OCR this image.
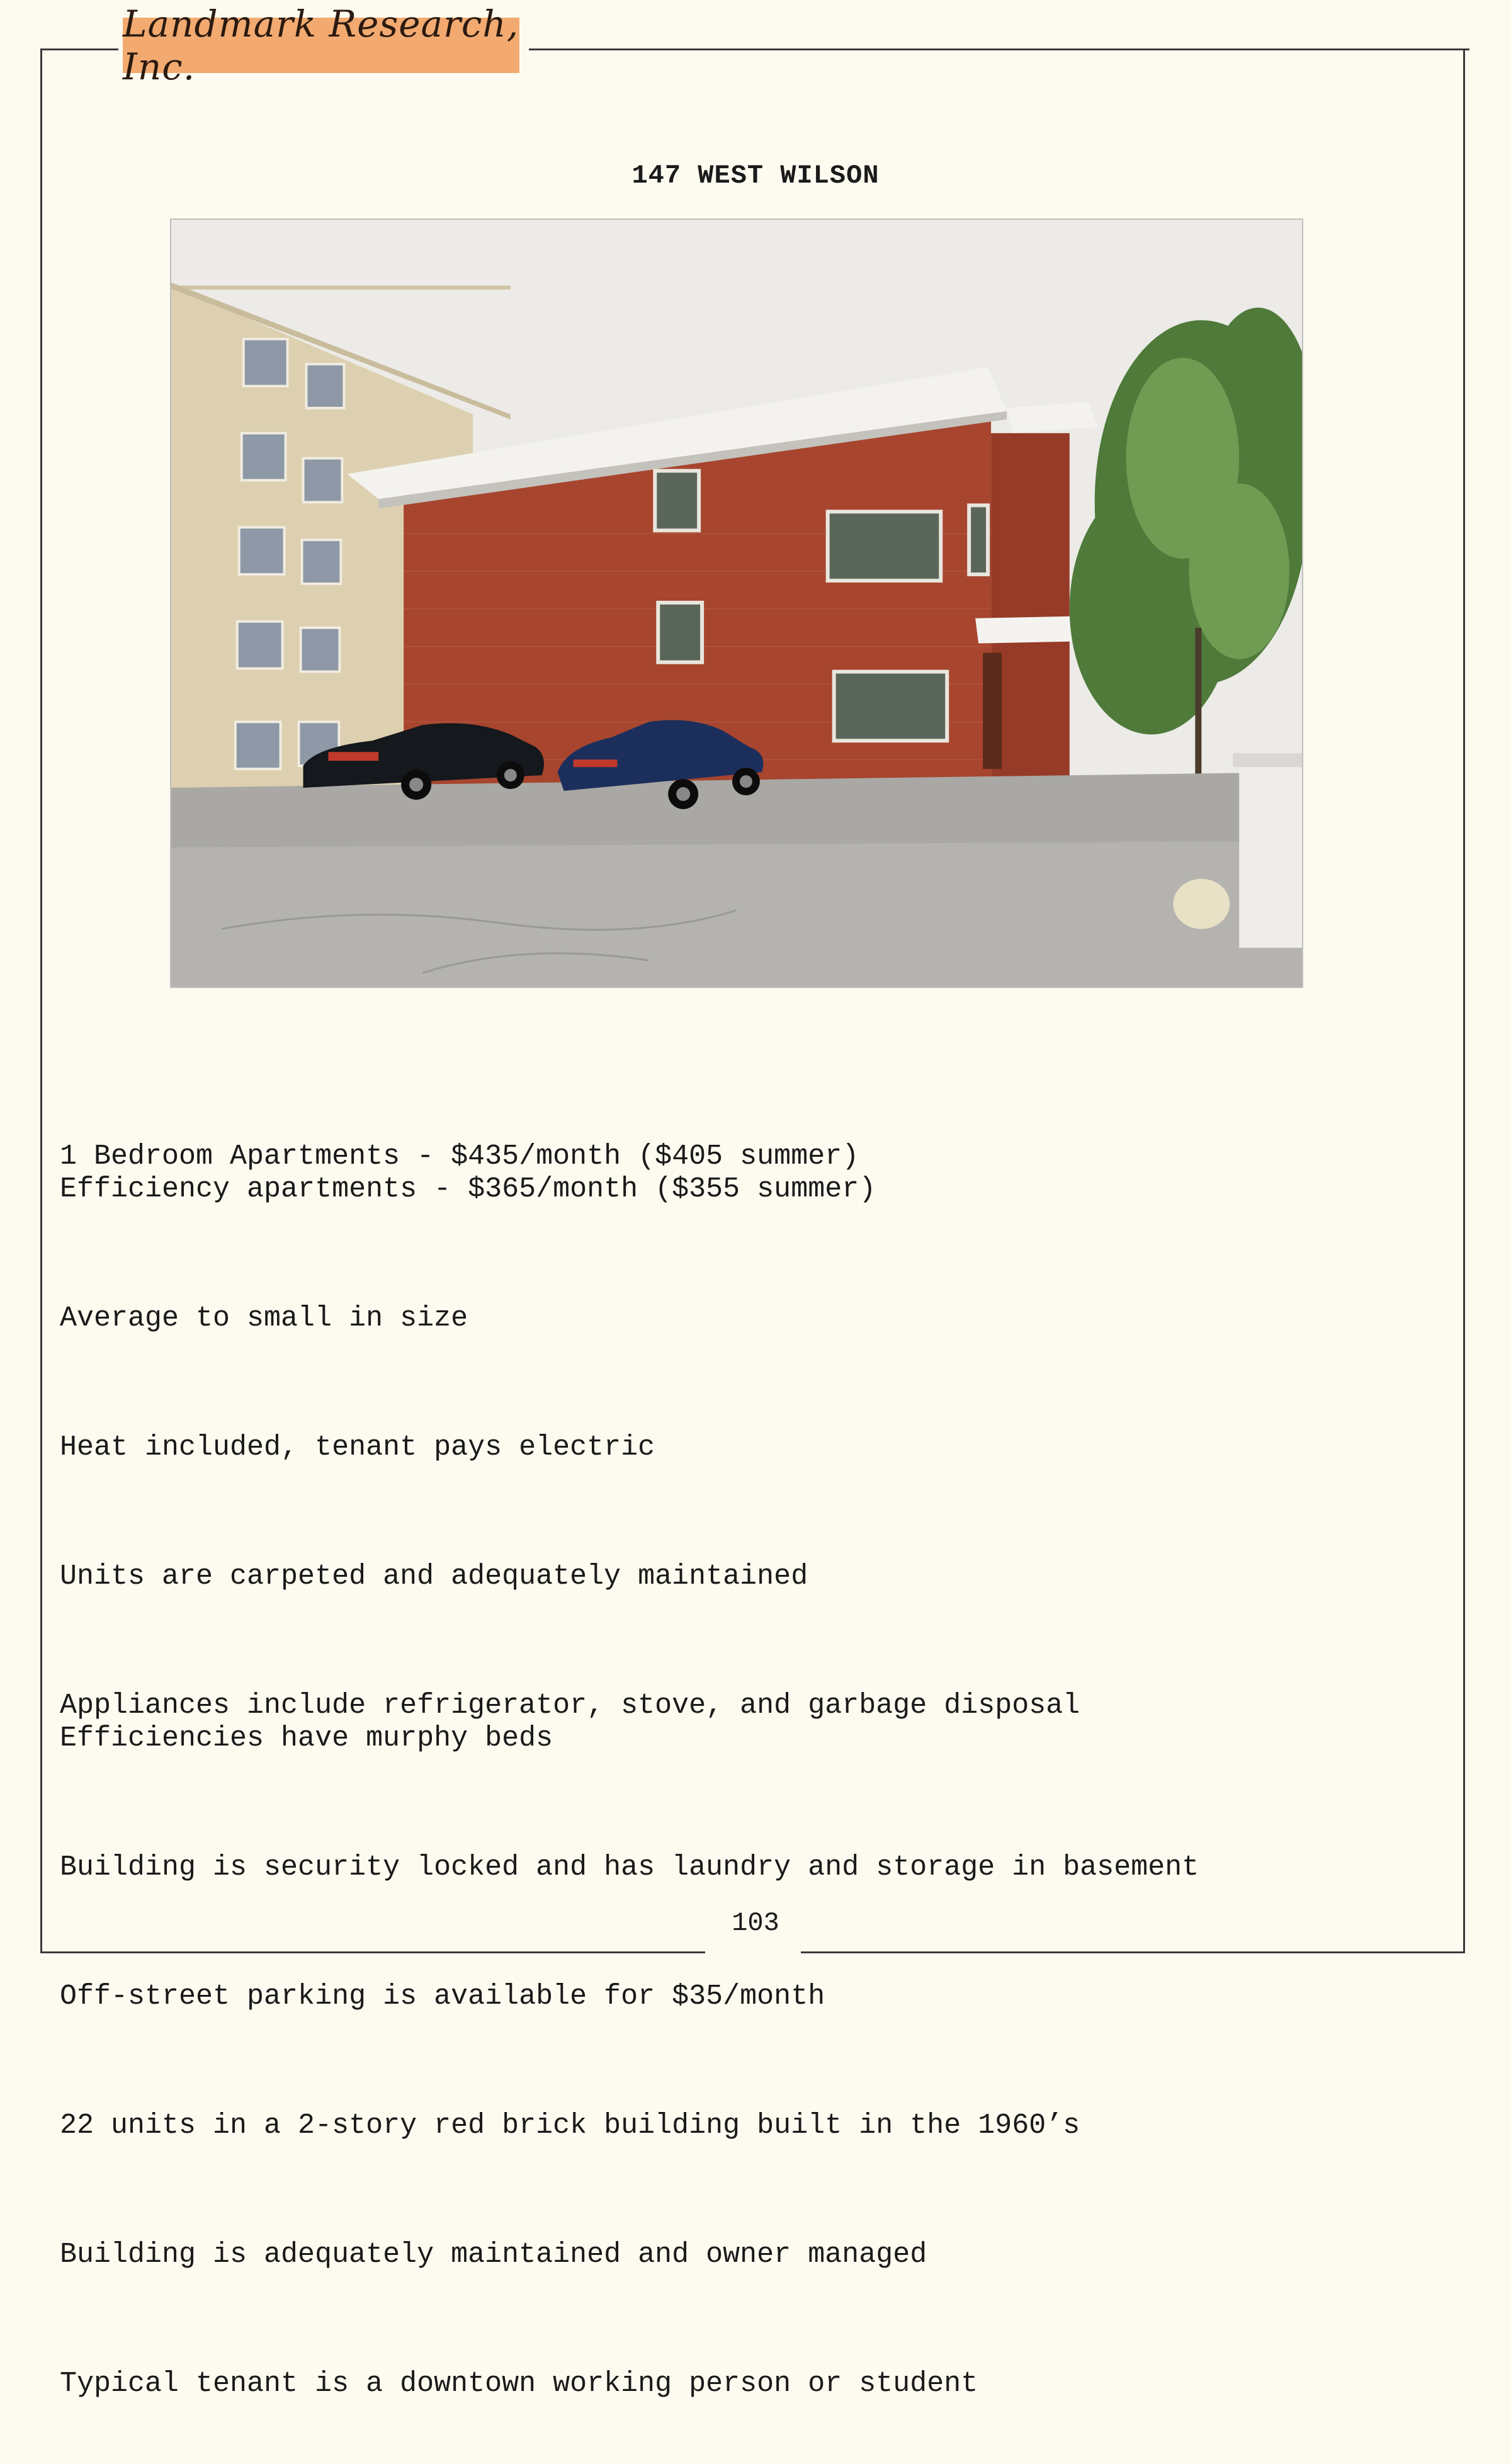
Landmark Research, Inc.
147 WEST WILSON

1 Bedroom Apartments - $435/month ($405 summer)
Efficiency apartments - $365/month ($355 summer)

Average to small in size

Heat included, tenant pays electric

Units are carpeted and adequately maintained

Appliances include refrigerator, stove, and garbage disposal
Efficiencies have murphy beds

Building is security locked and has laundry and storage in basement

Off-street parking is available for $35/month

22 units in a 2-story red brick building built in the 1960’s

Building is adequately maintained and owner managed

Typical tenant is a downtown working person or student

103
